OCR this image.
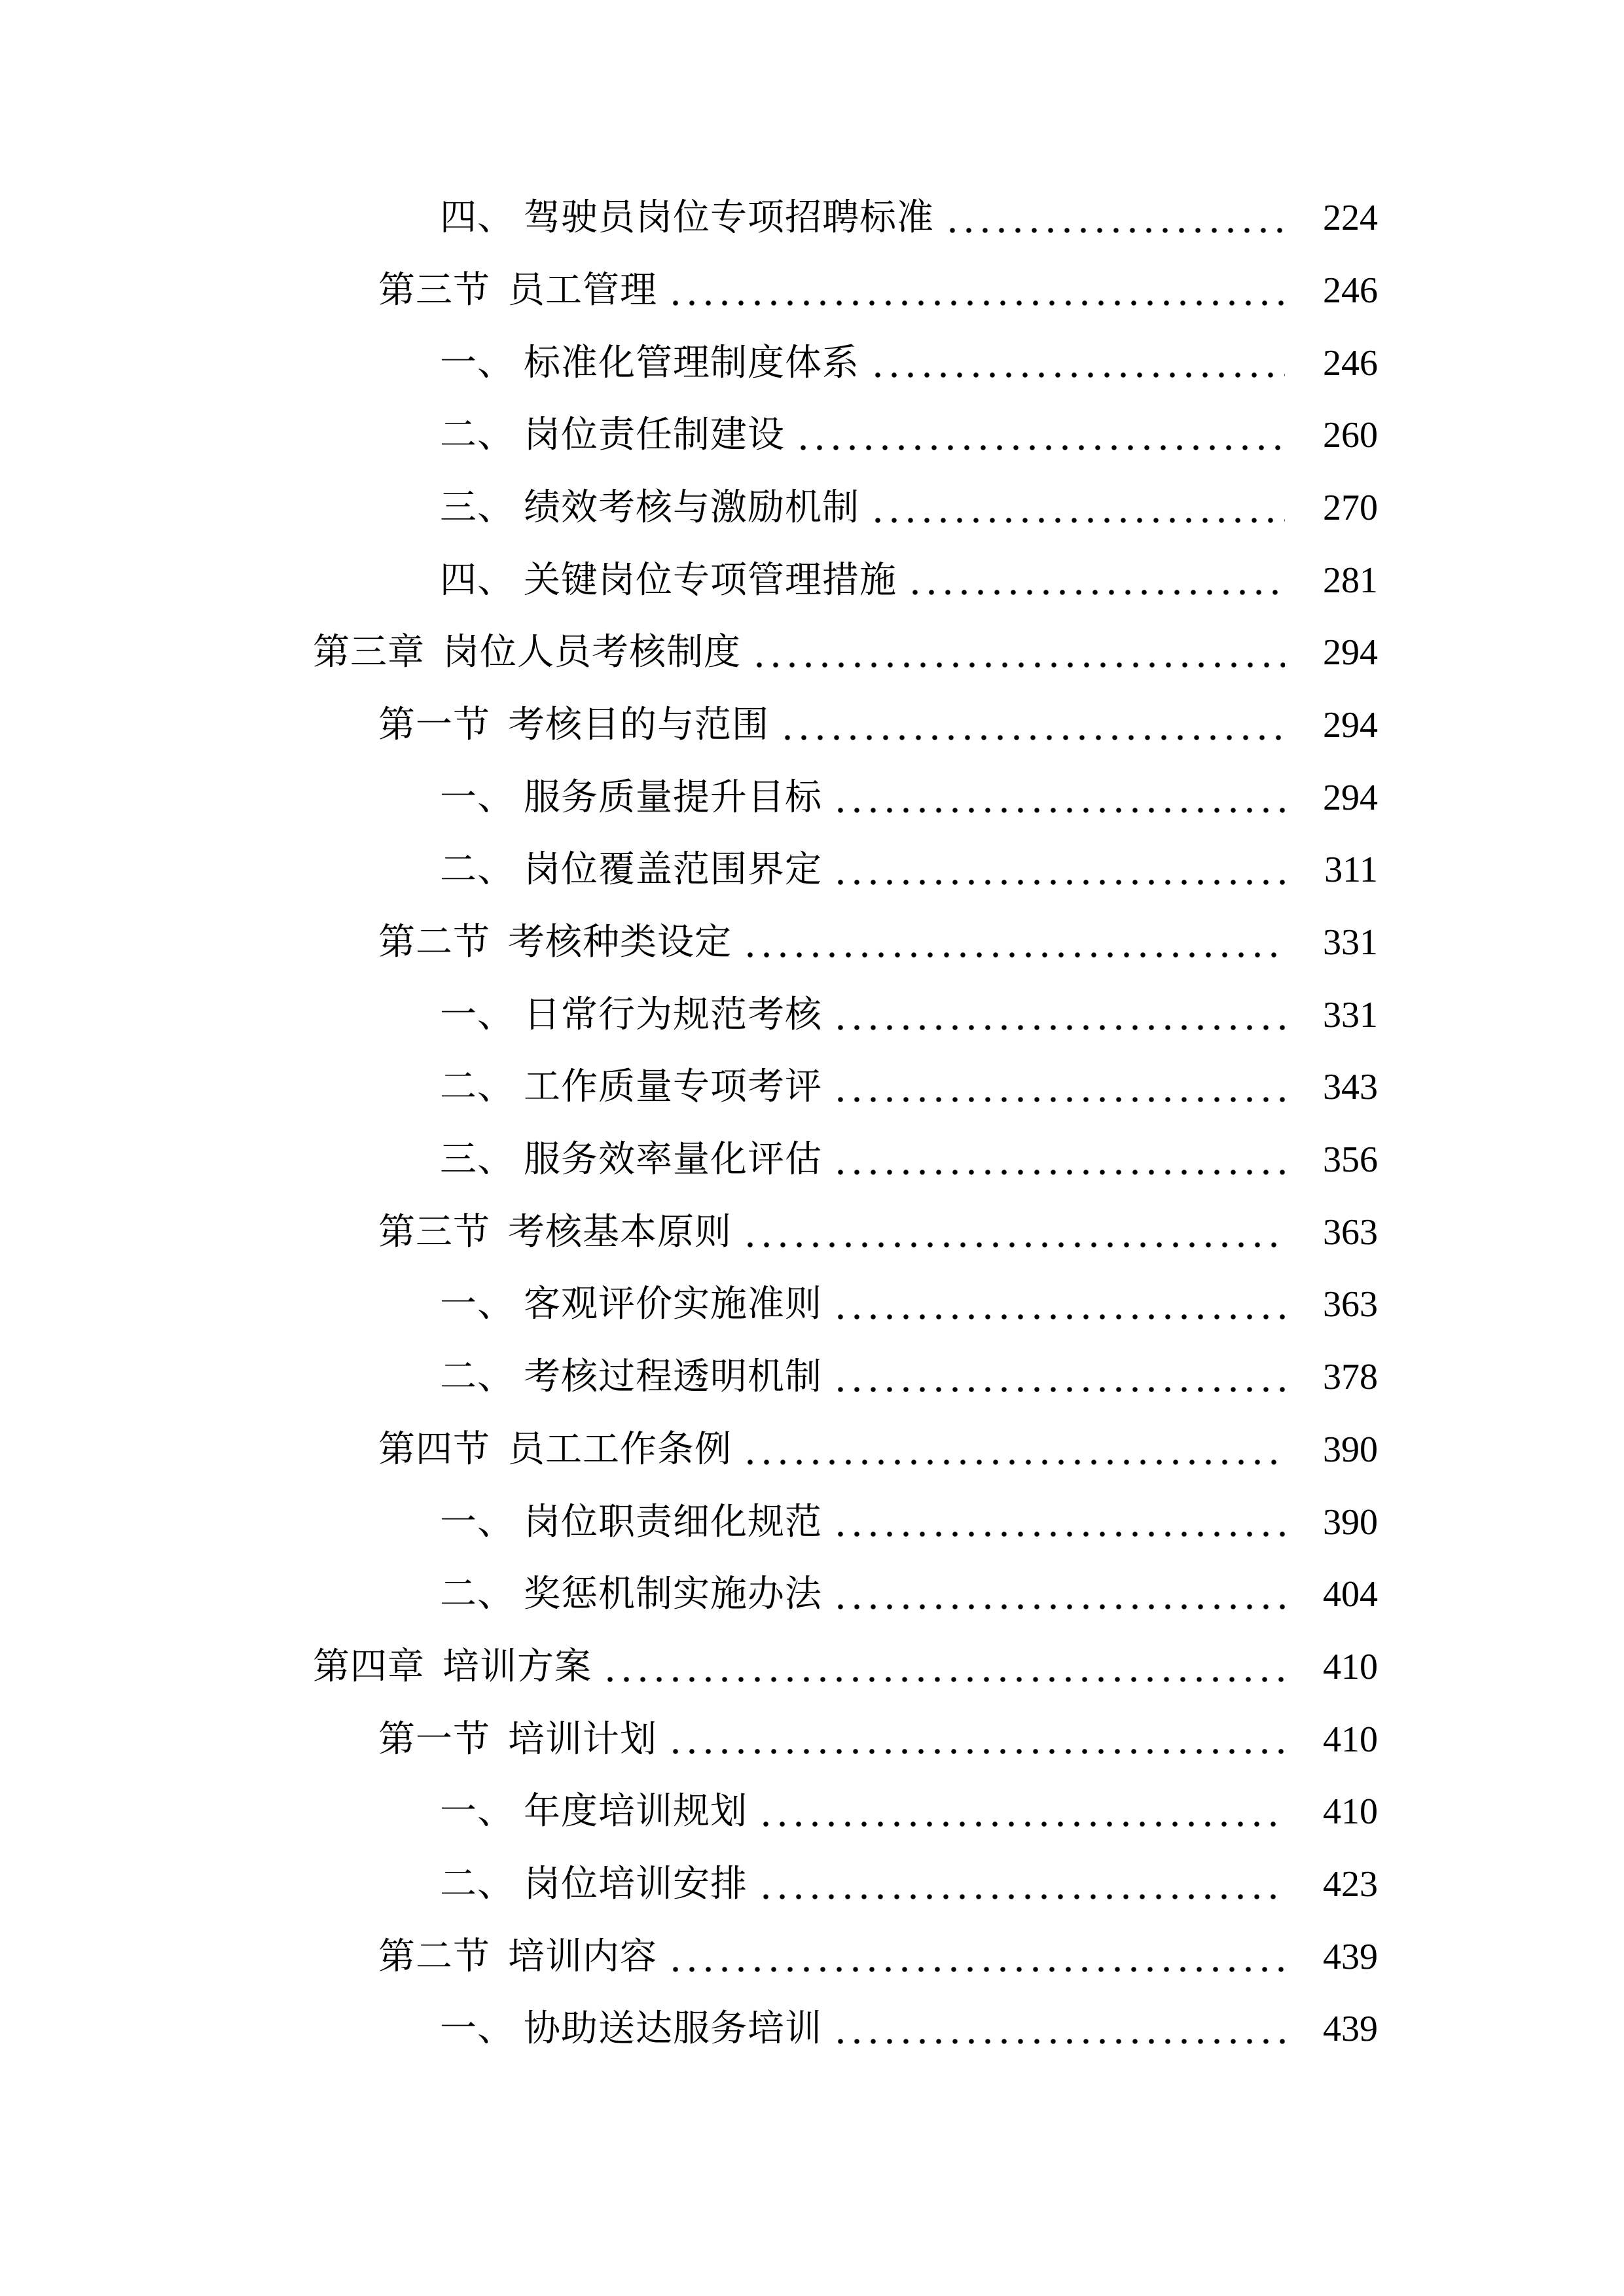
四、 驾驶员岗位专项招聘标准	224
第三节 员工管理	246
一、 标准化管理制度体系	246
二、 岗位责任制建设	260
三、 绩效考核与激励机制	270
四、 关键岗位专项管理措施	281
第三章 岗位人员考核制度	294
第一节 考核目的与范围	294
一、 服务质量提升目标	294
二、 岗位覆盖范围界定	311
第二节 考核种类设定	331
一、 日常行为规范考核	331
二、 工作质量专项考评	343
三、 服务效率量化评估	356
第三节 考核基本原则	363
一、 客观评价实施准则	363
二、 考核过程透明机制	378
第四节 员工工作条例	390
一、 岗位职责细化规范	390
二、 奖惩机制实施办法	404
第四章 培训方案	410
第一节 培训计划	410
一、 年度培训规划	410
二、 岗位培训安排	423
第二节 培训内容	439
一、 协助送达服务培训	439
